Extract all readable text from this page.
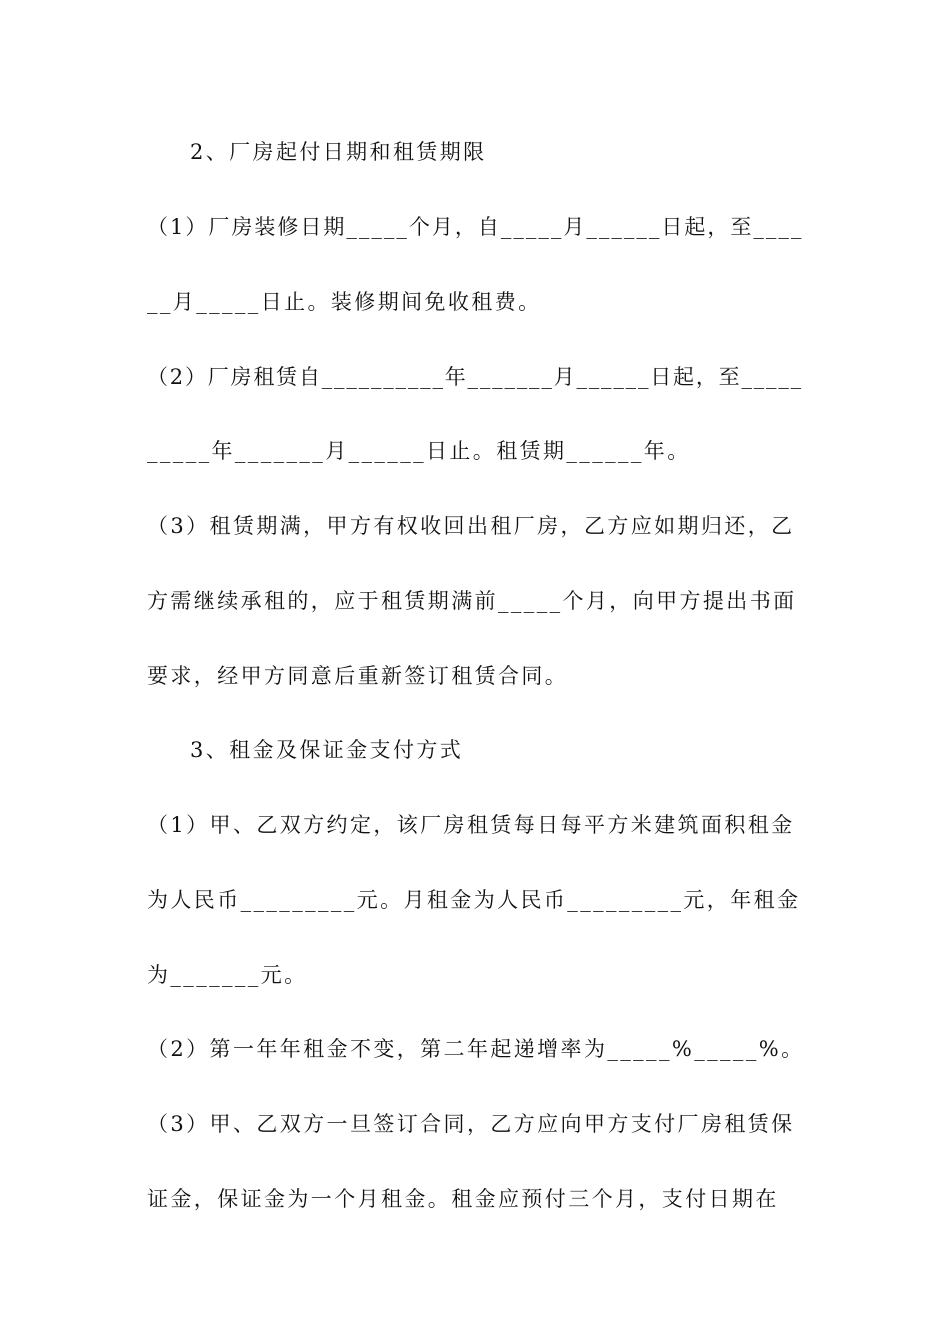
2、厂房起付日期和租赁期限
（1）厂房装修日期_____个月，自_____月______日起，至____
__月_____日止。装修期间免收租费。
（2）厂房租赁自__________年_______月______日起，至_____
_____年_______月______日止。租赁期______年。
（3）租赁期满，甲方有权收回出租厂房，乙方应如期归还，乙
方需继续承租的，应于租赁期满前_____个月，向甲方提出书面
要求，经甲方同意后重新签订租赁合同。
3、租金及保证金支付方式
（1）甲、乙双方约定，该厂房租赁每日每平方米建筑面积租金
为人民币_________元。月租金为人民币_________元，年租金
为_______元。
（2）第一年年租金不变，第二年起递增率为_____%_____%。
（3）甲、乙双方一旦签订合同，乙方应向甲方支付厂房租赁保
证金，保证金为一个月租金。租金应预付三个月，支付日期在
